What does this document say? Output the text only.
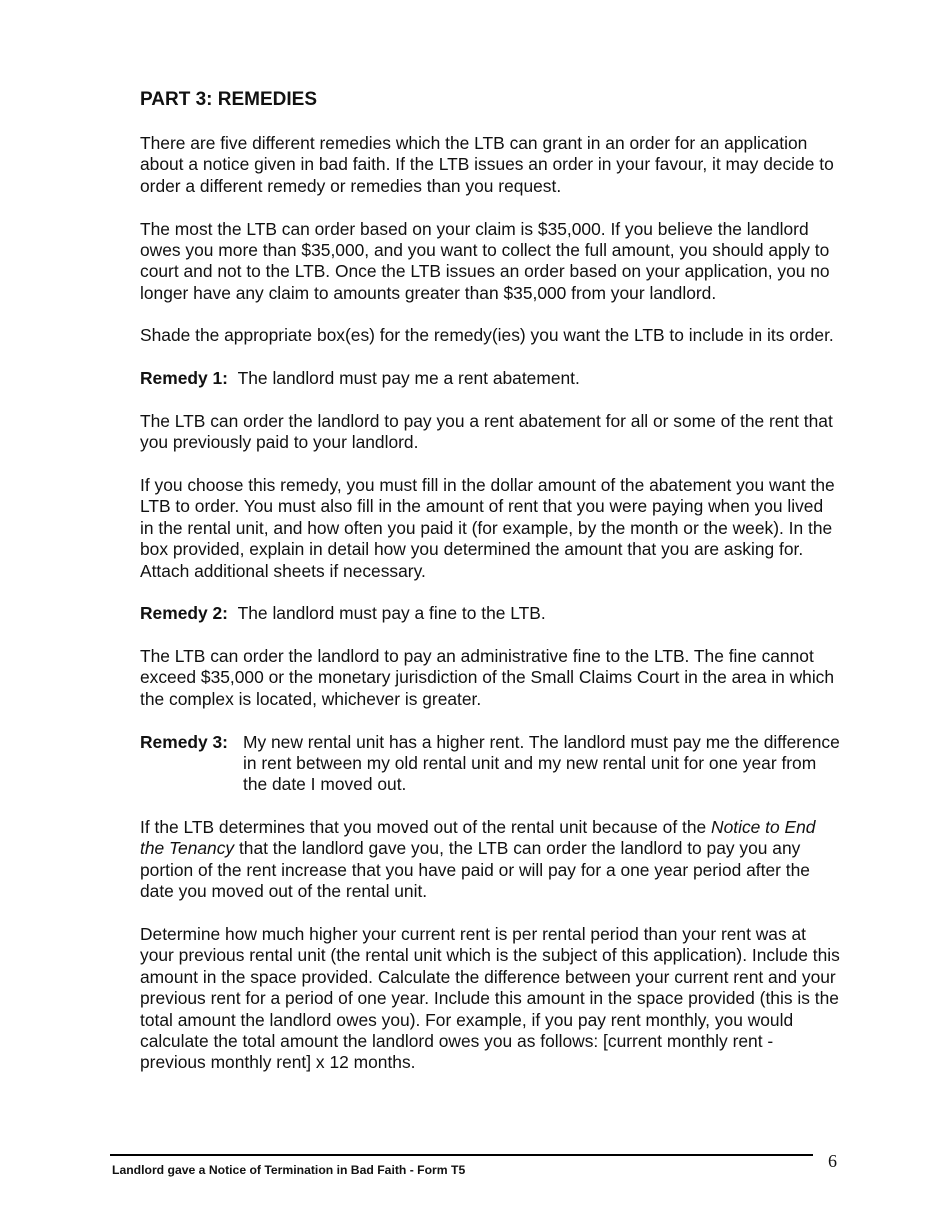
PART 3: REMEDIES

There are five different remedies which the LTB can grant in an order for an application about a notice given in bad faith. If the LTB issues an order in your favour, it may decide to order a different remedy or remedies than you request.

The most the LTB can order based on your claim is $35,000. If you believe the landlord owes you more than $35,000, and you want to collect the full amount, you should apply to court and not to the LTB. Once the LTB issues an order based on your application, you no longer have any claim to amounts greater than $35,000 from your landlord.

Shade the appropriate box(es) for the remedy(ies) you want the LTB to include in its order.

Remedy 1: The landlord must pay me a rent abatement.

The LTB can order the landlord to pay you a rent abatement for all or some of the rent that you previously paid to your landlord.

If you choose this remedy, you must fill in the dollar amount of the abatement you want the LTB to order. You must also fill in the amount of rent that you were paying when you lived in the rental unit, and how often you paid it (for example, by the month or the week). In the box provided, explain in detail how you determined the amount that you are asking for. Attach additional sheets if necessary.

Remedy 2: The landlord must pay a fine to the LTB.

The LTB can order the landlord to pay an administrative fine to the LTB. The fine cannot exceed $35,000 or the monetary jurisdiction of the Small Claims Court in the area in which the complex is located, whichever is greater.

Remedy 3: My new rental unit has a higher rent. The landlord must pay me the difference in rent between my old rental unit and my new rental unit for one year from the date I moved out.

If the LTB determines that you moved out of the rental unit because of the Notice to End the Tenancy that the landlord gave you, the LTB can order the landlord to pay you any portion of the rent increase that you have paid or will pay for a one year period after the date you moved out of the rental unit.

Determine how much higher your current rent is per rental period than your rent was at your previous rental unit (the rental unit which is the subject of this application). Include this amount in the space provided. Calculate the difference between your current rent and your previous rent for a period of one year. Include this amount in the space provided (this is the total amount the landlord owes you). For example, if you pay rent monthly, you would calculate the total amount the landlord owes you as follows: [current monthly rent - previous monthly rent] x 12 months.

Landlord gave a Notice of Termination in Bad Faith - Form T5	6
